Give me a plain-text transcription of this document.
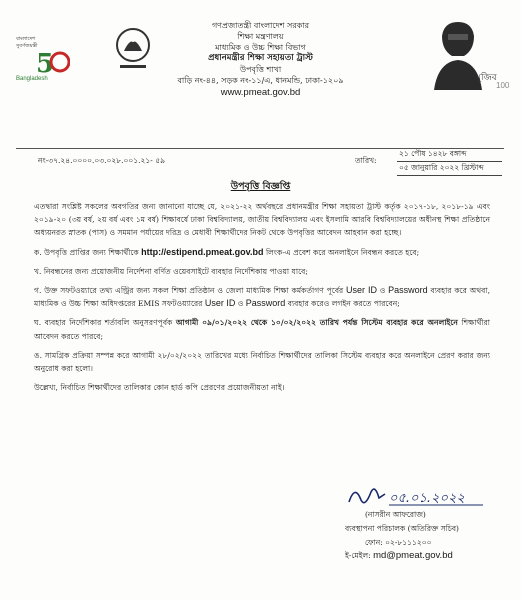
বাংলাদেশ
সুবর্ণজয়ন্তী
5
Bangladesh	মুজিব
100

গণপ্রজাতন্ত্রী বাংলাদেশ সরকার

শিক্ষা মন্ত্রণালয়

মাধ্যমিক ও উচ্চ শিক্ষা বিভাগ

প্রধানমন্ত্রীর শিক্ষা সহায়তা ট্রাস্ট

উপবৃত্তি শাখা

বাড়ি নং-৪৪, সড়ক নং-১১/এ, ধানমন্ডি, ঢাকা-১২০৯

www.pmeat.gov.bd

নং-৩৭.২৪.০০০০.০৩.০২৮.০০১.২১- ৫৯	তারিখ:
২১ পৌষ ১৪২৮ বঙ্গাব্দ
০৫ জানুয়ারি ২০২২ খ্রিস্টাব্দ
উপবৃত্তি বিজ্ঞপ্তি

এতদ্বারা সংশ্লিষ্ট সকলের অবগতির জন্য জানানো যাচ্ছে যে, ২০২১-২২ অর্থবছরে প্রধানমন্ত্রীর শিক্ষা সহায়তা ট্রাস্ট কর্তৃক ২০১৭-১৮, ২০১৮-১৯ এবং ২০১৯-২০ (৩য় বর্ষ, ২য় বর্ষ এবং ১ম বর্ষ) শিক্ষাবর্ষে ঢাকা বিশ্ববিদ্যালয়, জাতীয় বিশ্ববিদ্যালয় এবং ইসলামি আরবি বিশ্ববিদ্যালয়ের অধীনস্থ শিক্ষা প্রতিষ্ঠানে অধ্যয়নরত স্নাতক (পাস) ও সমমান পর্যায়ের দরিদ্র ও মেধাবী শিক্ষার্থীদের নিকট থেকে উপবৃত্তির আবেদন আহবান করা হচ্ছে।

ক. উপবৃত্তি প্রাপ্তির জন্য শিক্ষার্থীকে http://estipend.pmeat.gov.bd লিংক-এ প্রবেশ করে অনলাইনে নিবন্ধন করতে হবে;

খ. নিবন্ধনের জন্য প্রয়োজনীয় নির্দেশনা বর্ণিত ওয়েবসাইটে ব্যবহার নির্দেশিকায় পাওয়া যাবে;

গ. উক্ত সফটওয়্যারে তথ্য এন্ট্রির জন্য সকল শিক্ষা প্রতিষ্ঠান ও জেলা মাধ্যমিক শিক্ষা কর্মকর্তাগণ পূর্বের User ID ও Password ব্যবহার করে অথবা, মাধ্যমিক ও উচ্চ শিক্ষা অধিদপ্তরের EMIS সফটওয়্যারের User ID ও Password ব্যবহার করেও লগইন করতে পারবেন;

ঘ. ব্যবহার নির্দেশিকার শর্তাবলি অনুসরণপূর্বক আগামী ০৯/০১/২০২২ থেকে ১০/০২/২০২২ তারিখ পর্যন্ত সিস্টেম ব্যবহার করে অনলাইনে শিক্ষার্থীরা আবেদন করতে পারবে;

ঙ. সামগ্রিক প্রক্রিয়া সম্পন্ন করে আগামী ২৮/০২/২০২২ তারিখের মধ্যে নির্বাচিত শিক্ষার্থীদের তালিকা সিস্টেম ব্যবহার করে অনলাইনে প্রেরণ করার জন্য অনুরোধ করা হলো।

উল্লেখ্য, নির্বাচিত শিক্ষার্থীদের তালিকার কোন হার্ড কপি প্রেরণের প্রয়োজনীয়তা নাই।

০৫.০১.২০২২
(নাসরীন আফরোজ)
ব্যবস্থাপনা পরিচালক (অতিরিক্ত সচিব)
ফোন: ০২-৮১১১২০০
ই-মেইল: md@pmeat.gov.bd
